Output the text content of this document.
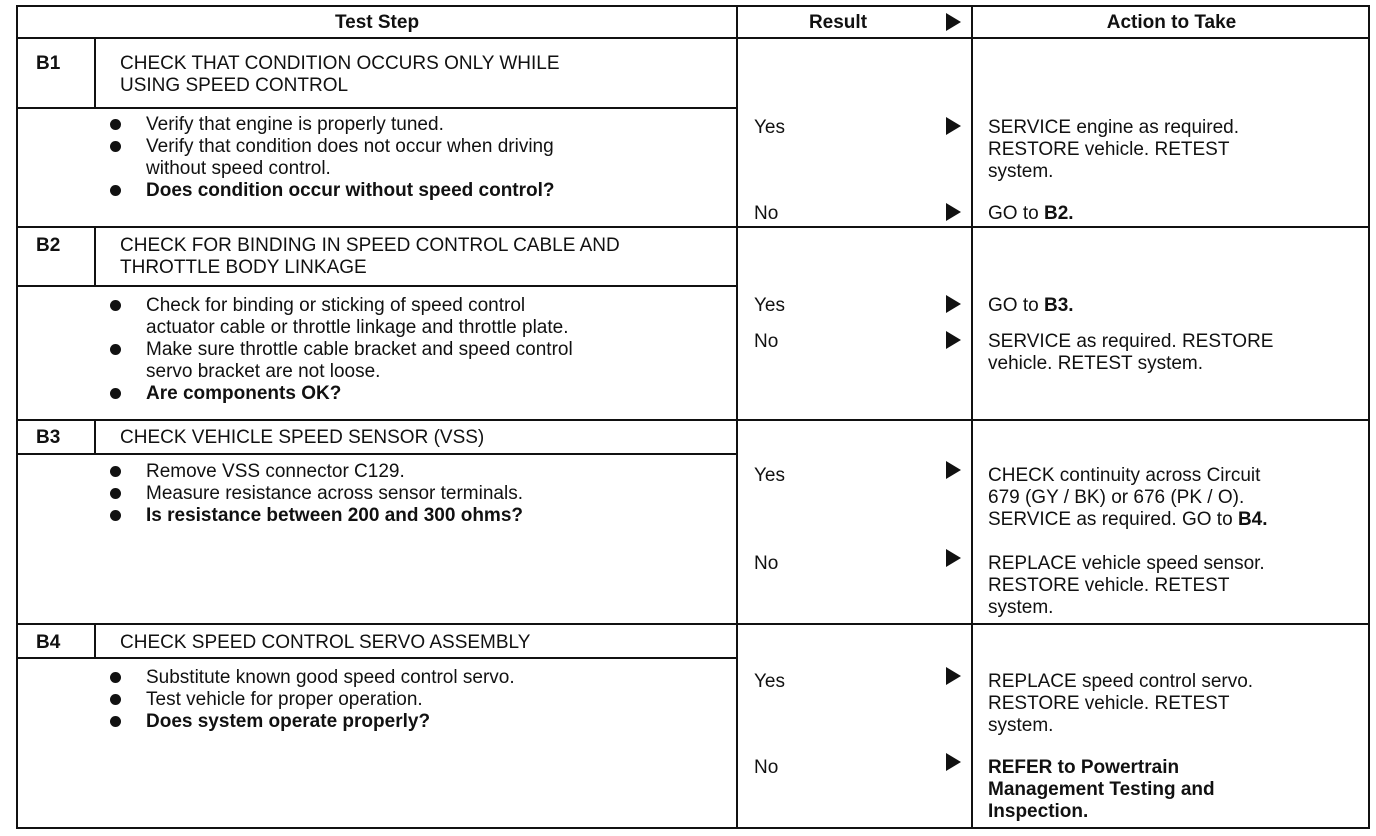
Test Step	Result	Action to Take
B1	CHECK THAT CONDITION OCCURS ONLY WHILE
USING SPEED CONTROL
Verify that engine is properly tuned.
Verify that condition does not occur when driving
without speed control.
Does condition occur without speed control?
Yes	SERVICE engine as required.
RESTORE vehicle. RETEST
system.
No	GO to B2.
B2	CHECK FOR BINDING IN SPEED CONTROL CABLE AND
THROTTLE BODY LINKAGE
Check for binding or sticking of speed control
actuator cable or throttle linkage and throttle plate.
Make sure throttle cable bracket and speed control
servo bracket are not loose.
Are components OK?
Yes	GO to B3.
No	SERVICE as required. RESTORE
vehicle. RETEST system.
B3	CHECK VEHICLE SPEED SENSOR (VSS)
Remove VSS connector C129.
Measure resistance across sensor terminals.
Is resistance between 200 and 300 ohms?
Yes	CHECK continuity across Circuit
679 (GY / BK) or 676 (PK / O).
SERVICE as required. GO to B4.
No	REPLACE vehicle speed sensor.
RESTORE vehicle. RETEST
system.
B4	CHECK SPEED CONTROL SERVO ASSEMBLY
Substitute known good speed control servo.
Test vehicle for proper operation.
Does system operate properly?
Yes	REPLACE speed control servo.
RESTORE vehicle. RETEST
system.
No	REFER to Powertrain
Management Testing and
Inspection.
